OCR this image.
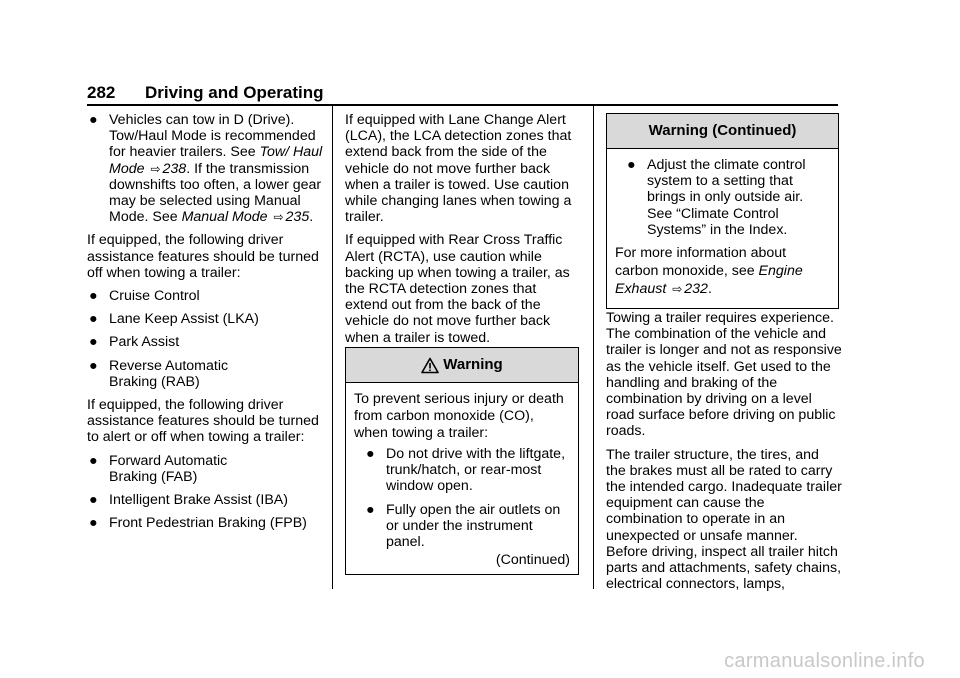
282 Driving and Operating
● Vehicles can tow in D (Drive). Tow/Haul Mode is recommended for heavier trailers. See Tow/ Haul Mode ⇨ 238. If the transmission downshifts too often, a lower gear may be selected using Manual Mode. See Manual Mode ⇨ 235.

If equipped, the following driver assistance features should be turned off when towing a trailer:

● Cruise Control
● Lane Keep Assist (LKA)
● Park Assist
● Reverse Automatic Braking (RAB)

If equipped, the following driver assistance features should be turned to alert or off when towing a trailer:

● Forward Automatic Braking (FAB)
● Intelligent Brake Assist (IBA)
● Front Pedestrian Braking (FPB)

If equipped with Lane Change Alert (LCA), the LCA detection zones that extend back from the side of the vehicle do not move further back when a trailer is towed. Use caution while changing lanes when towing a trailer.

If equipped with Rear Cross Traffic Alert (RCTA), use caution while backing up when towing a trailer, as the RCTA detection zones that extend out from the back of the vehicle do not move further back when a trailer is towed.

Warning

To prevent serious injury or death from carbon monoxide (CO), when towing a trailer:

● Do not drive with the liftgate, trunk/hatch, or rear-most window open.
● Fully open the air outlets on or under the instrument panel.
(Continued)
Warning (Continued)
● Adjust the climate control system to a setting that brings in only outside air. See “Climate Control Systems” in the Index.

For more information about carbon monoxide, see Engine Exhaust ⇨ 232.

Towing a trailer requires experience. The combination of the vehicle and trailer is longer and not as responsive as the vehicle itself. Get used to the handling and braking of the combination by driving on a level road surface before driving on public roads.

The trailer structure, the tires, and the brakes must all be rated to carry the intended cargo. Inadequate trailer equipment can cause the combination to operate in an unexpected or unsafe manner. Before driving, inspect all trailer hitch parts and attachments, safety chains, electrical connectors, lamps,

carmanualsonline.info
